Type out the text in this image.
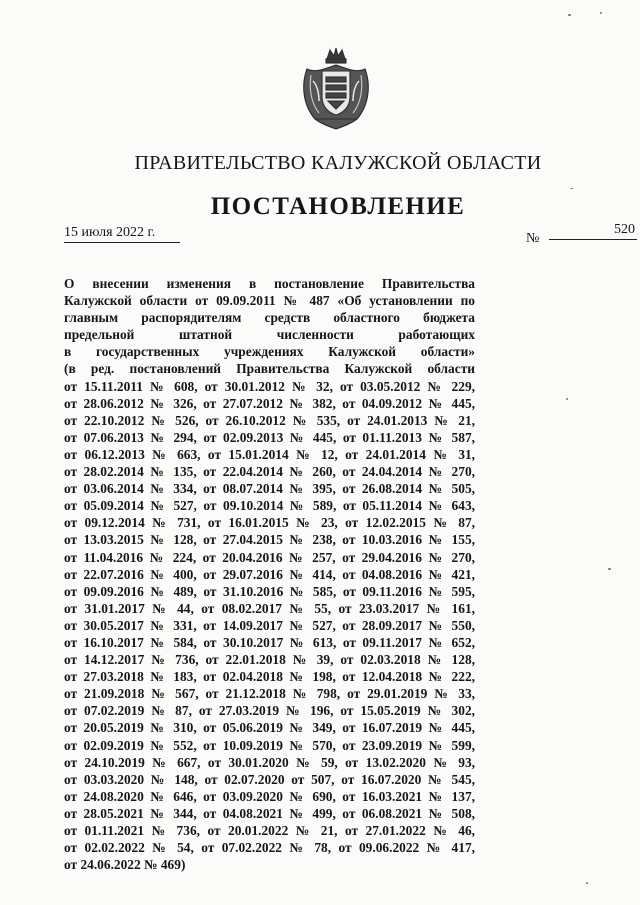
ПРАВИТЕЛЬСТВО КАЛУЖСКОЙ ОБЛАСТИ
ПОСТАНОВЛЕНИЕ
15 июля 2022 г.	№
520
О внесении изменения в постановление Правительства
Калужской области от 09.09.2011 № 487 «Об установлении по
главным распорядителям средств областного бюджета
предельной штатной численности работающих
в государственных учреждениях Калужской области»
(в ред. постановлений Правительства Калужской области
от 15.11.2011 № 608, от 30.01.2012 № 32, от 03.05.2012 № 229,
от 28.06.2012 № 326, от 27.07.2012 № 382, от 04.09.2012 № 445,
от 22.10.2012 № 526, от 26.10.2012 № 535, от 24.01.2013 № 21,
от 07.06.2013 № 294, от 02.09.2013 № 445, от 01.11.2013 № 587,
от 06.12.2013 № 663, от 15.01.2014 № 12, от 24.01.2014 № 31,
от 28.02.2014 № 135, от 22.04.2014 № 260, от 24.04.2014 № 270,
от 03.06.2014 № 334, от 08.07.2014 № 395, от 26.08.2014 № 505,
от 05.09.2014 № 527, от 09.10.2014 № 589, от 05.11.2014 № 643,
от 09.12.2014 № 731, от 16.01.2015 № 23, от 12.02.2015 № 87,
от 13.03.2015 № 128, от 27.04.2015 № 238, от 10.03.2016 № 155,
от 11.04.2016 № 224, от 20.04.2016 № 257, от 29.04.2016 № 270,
от 22.07.2016 № 400, от 29.07.2016 № 414, от 04.08.2016 № 421,
от 09.09.2016 № 489, от 31.10.2016 № 585, от 09.11.2016 № 595,
от 31.01.2017 № 44, от 08.02.2017 № 55, от 23.03.2017 № 161,
от 30.05.2017 № 331, от 14.09.2017 № 527, от 28.09.2017 № 550,
от 16.10.2017 № 584, от 30.10.2017 № 613, от 09.11.2017 № 652,
от 14.12.2017 № 736, от 22.01.2018 № 39, от 02.03.2018 № 128,
от 27.03.2018 № 183, от 02.04.2018 № 198, от 12.04.2018 № 222,
от 21.09.2018 № 567, от 21.12.2018 № 798, от 29.01.2019 № 33,
от 07.02.2019 № 87, от 27.03.2019 № 196, от 15.05.2019 № 302,
от 20.05.2019 № 310, от 05.06.2019 № 349, от 16.07.2019 № 445,
от 02.09.2019 № 552, от 10.09.2019 № 570, от 23.09.2019 № 599,
от 24.10.2019 № 667, от 30.01.2020 № 59, от 13.02.2020 № 93,
от 03.03.2020 № 148, от 02.07.2020 от 507, от 16.07.2020 № 545,
от 24.08.2020 № 646, от 03.09.2020 № 690, от 16.03.2021 № 137,
от 28.05.2021 № 344, от 04.08.2021 № 499, от 06.08.2021 № 508,
от 01.11.2021 № 736, от 20.01.2022 № 21, от 27.01.2022 № 46,
от 02.02.2022 № 54, от 07.02.2022 № 78, от 09.06.2022 № 417,
от 24.06.2022 № 469)
